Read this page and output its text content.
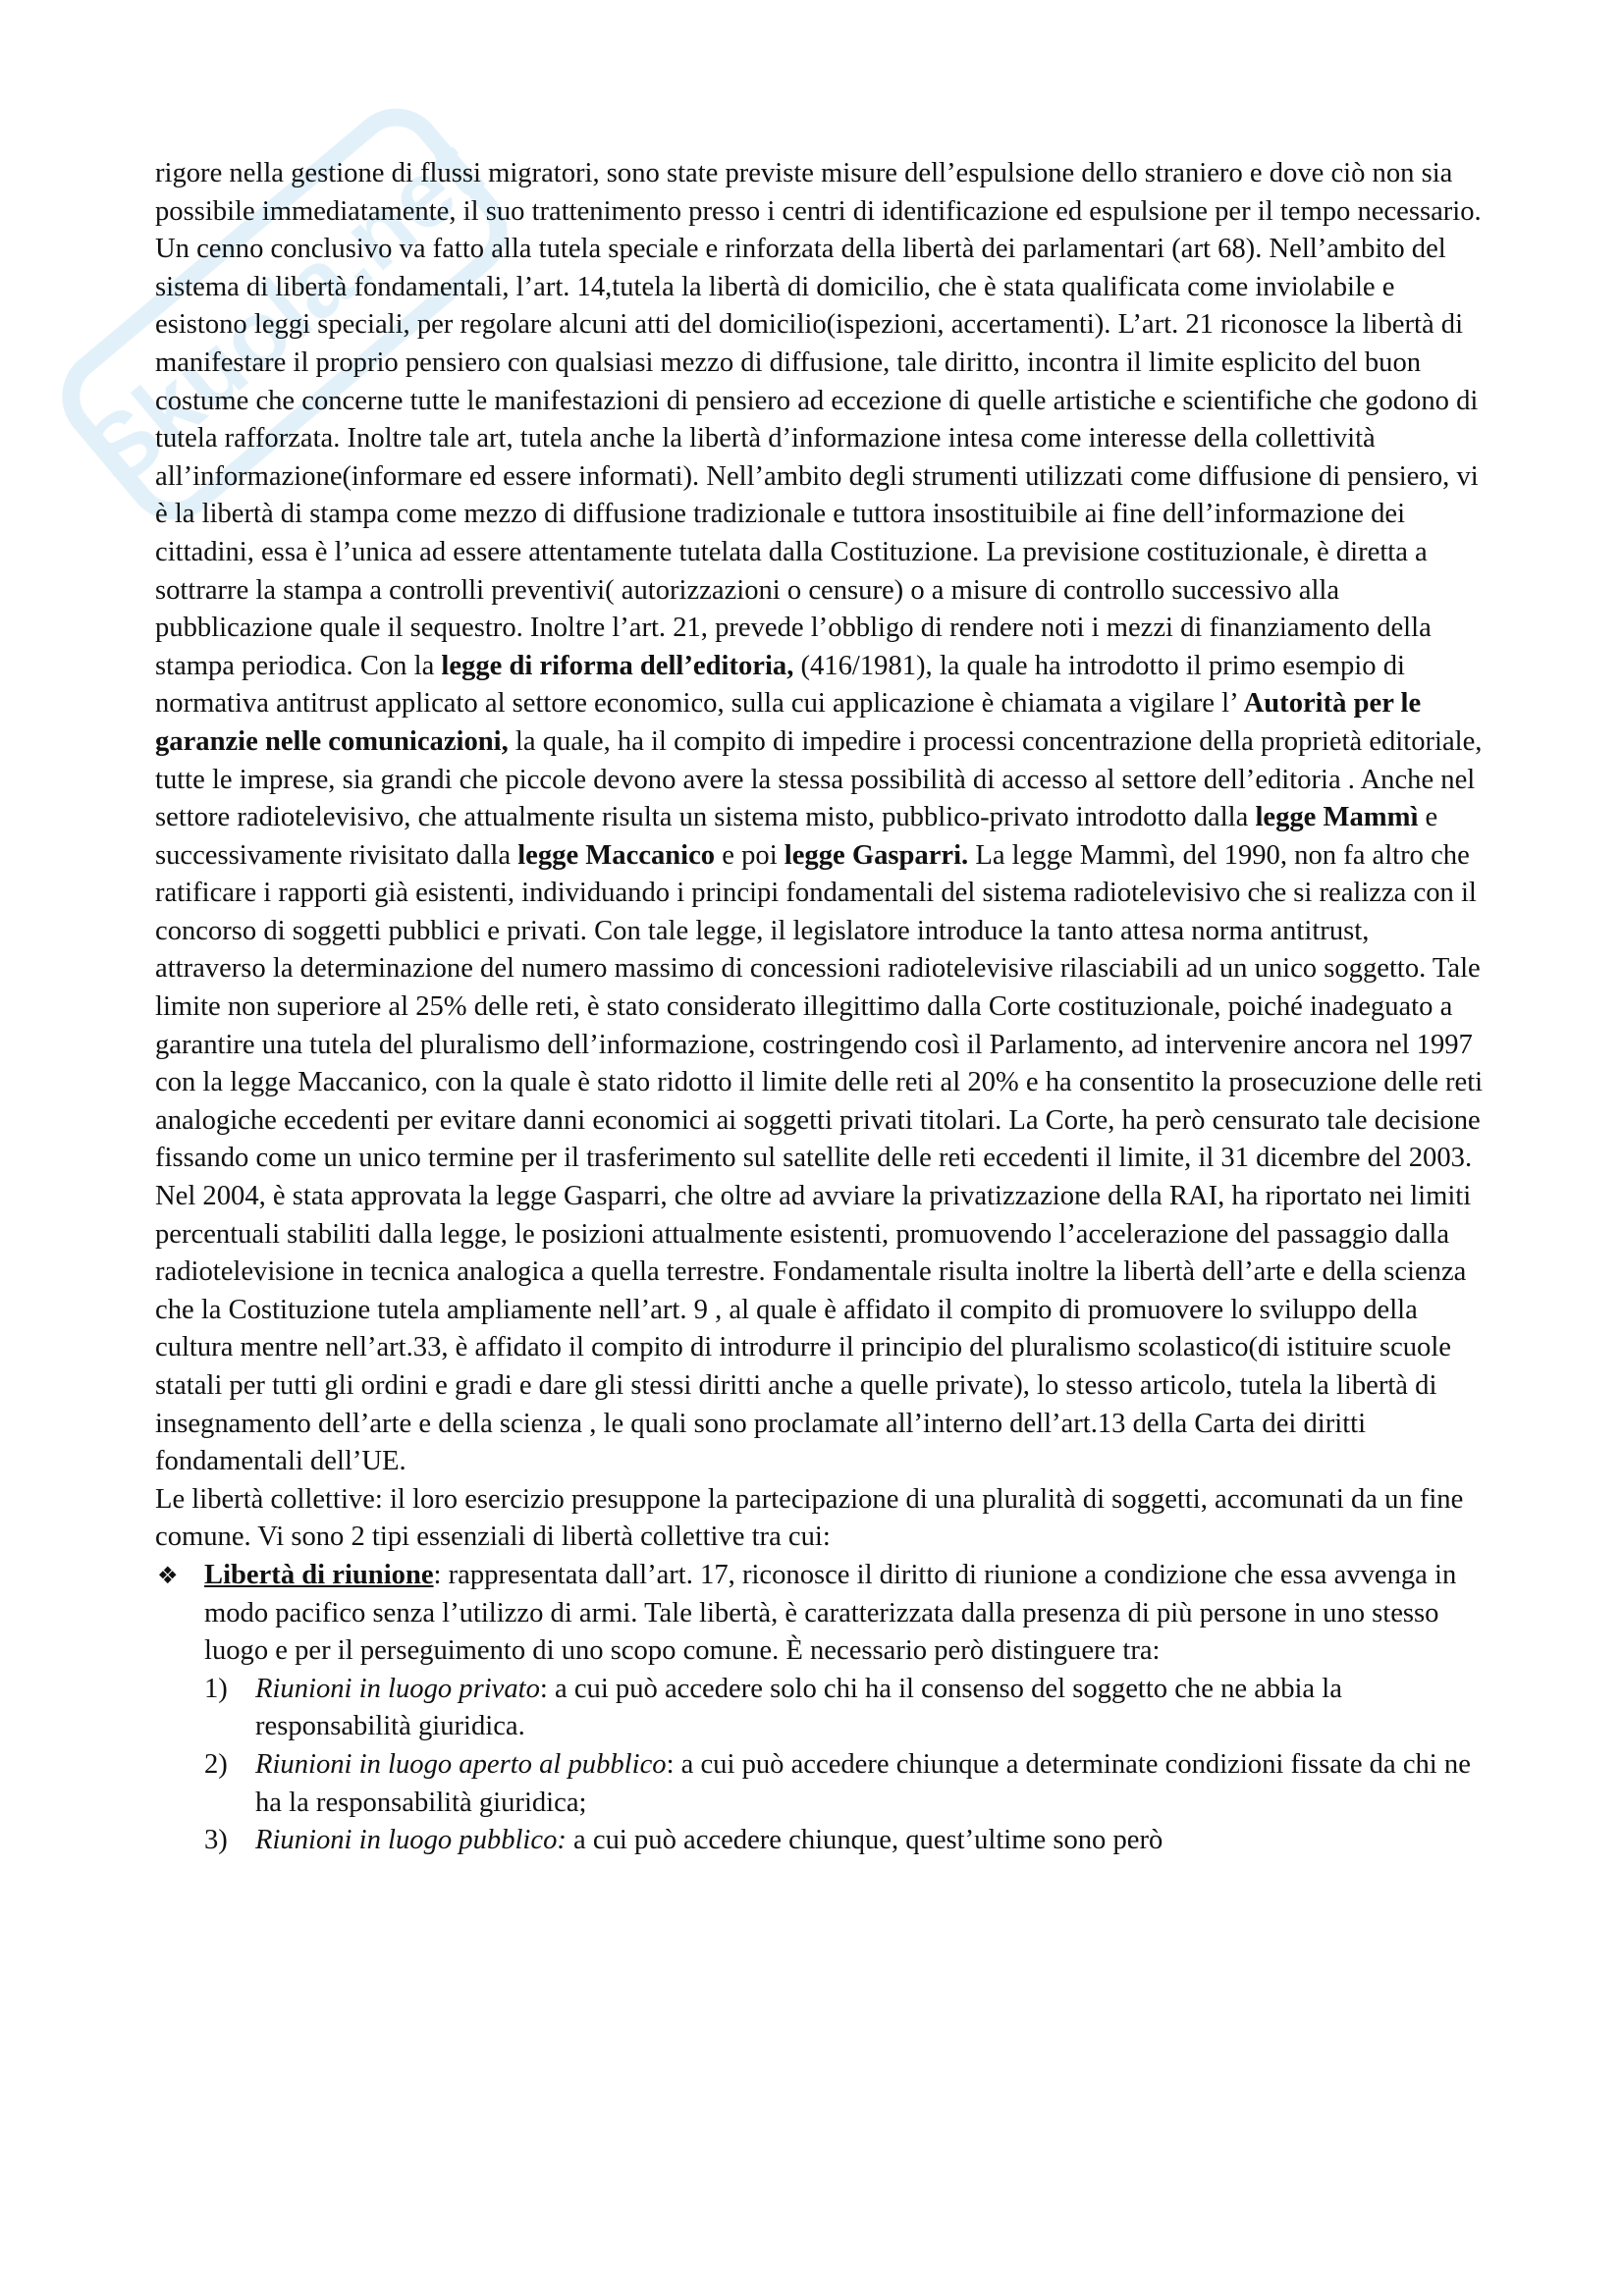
Skuola.net

rigore nella gestione di flussi migratori, sono state previste misure dell’espulsione dello straniero e dove ciò non sia possibile immediatamente, il suo trattenimento presso i centri di identificazione ed espulsione per il tempo necessario. Un cenno conclusivo va fatto alla tutela speciale e rinforzata della libertà dei parlamentari (art 68). Nell’ambito del sistema di libertà fondamentali, l’art. 14,tutela la libertà di domicilio, che è stata qualificata come inviolabile e esistono leggi speciali, per regolare alcuni atti del domicilio(ispezioni, accertamenti). L’art. 21 riconosce la libertà di manifestare il proprio pensiero con qualsiasi mezzo di diffusione, tale diritto, incontra il limite esplicito del buon costume che concerne tutte le manifestazioni di pensiero ad eccezione di quelle artistiche e scientifiche che godono di tutela rafforzata. Inoltre tale art, tutela anche la libertà d’informazione intesa come interesse della collettività all’informazione(informare ed essere informati). Nell’ambito degli strumenti utilizzati come diffusione di pensiero, vi è la libertà di stampa come mezzo di diffusione tradizionale e tuttora insostituibile ai fine dell’informazione dei cittadini, essa è l’unica ad essere attentamente tutelata dalla Costituzione. La previsione costituzionale, è diretta a sottrarre la stampa a controlli preventivi( autorizzazioni o censure) o a misure di controllo successivo alla pubblicazione quale il sequestro. Inoltre l’art. 21, prevede l’obbligo di rendere noti i mezzi di finanziamento della stampa periodica. Con la legge di riforma dell’editoria, (416/1981), la quale ha introdotto il primo esempio di normativa antitrust applicato al settore economico, sulla cui applicazione è chiamata a vigilare l’ Autorità per le garanzie nelle comunicazioni, la quale, ha il compito di impedire i processi concentrazione della proprietà editoriale, tutte le imprese, sia grandi che piccole devono avere la stessa possibilità di accesso al settore dell’editoria . Anche nel settore radiotelevisivo, che attualmente risulta un sistema misto, pubblico-privato introdotto dalla legge Mammì e successivamente rivisitato dalla legge Maccanico e poi legge Gasparri. La legge Mammì, del 1990, non fa altro che ratificare i rapporti già esistenti, individuando i principi fondamentali del sistema radiotelevisivo che si realizza con il concorso di soggetti pubblici e privati. Con tale legge, il legislatore introduce la tanto attesa norma antitrust, attraverso la determinazione del numero massimo di concessioni radiotelevisive rilasciabili ad un unico soggetto. Tale limite non superiore al 25% delle reti, è stato considerato illegittimo dalla Corte costituzionale, poiché inadeguato a garantire una tutela del pluralismo dell’informazione, costringendo così il Parlamento, ad intervenire ancora nel 1997 con la legge Maccanico, con la quale è stato ridotto il limite delle reti al 20% e ha consentito la prosecuzione delle reti analogiche eccedenti per evitare danni economici ai soggetti privati titolari. La Corte, ha però censurato tale decisione fissando come un unico termine per il trasferimento sul satellite delle reti eccedenti il limite, il 31 dicembre del 2003. Nel 2004, è stata approvata la legge Gasparri, che oltre ad avviare la privatizzazione della RAI, ha riportato nei limiti percentuali stabiliti dalla legge, le posizioni attualmente esistenti, promuovendo l’accelerazione del passaggio dalla radiotelevisione in tecnica analogica a quella terrestre. Fondamentale risulta inoltre la libertà dell’arte e della scienza che la Costituzione tutela ampliamente nell’art. 9 , al quale è affidato il compito di promuovere lo sviluppo della cultura mentre nell’art.33, è affidato il compito di introdurre il principio del pluralismo scolastico(di istituire scuole statali per tutti gli ordini e gradi e dare gli stessi diritti anche a quelle private), lo stesso articolo, tutela la libertà di insegnamento dell’arte e della scienza , le quali sono proclamate all’interno dell’art.13 della Carta dei diritti fondamentali dell’UE.

Le libertà collettive: il loro esercizio presuppone la partecipazione di una pluralità di soggetti, accomunati da un fine comune. Vi sono 2 tipi essenziali di libertà collettive tra cui:

❖ Libertà di riunione: rappresentata dall’art. 17, riconosce il diritto di riunione a condizione che essa avvenga in modo pacifico senza l’utilizzo di armi. Tale libertà, è caratterizzata dalla presenza di più persone in uno stesso luogo e per il perseguimento di uno scopo comune. È necessario però distinguere tra:
1) Riunioni in luogo privato: a cui può accedere solo chi ha il consenso del soggetto che ne abbia la responsabilità giuridica.
2) Riunioni in luogo aperto al pubblico: a cui può accedere chiunque a determinate condizioni fissate da chi ne ha la responsabilità giuridica;
3) Riunioni in luogo pubblico: a cui può accedere chiunque, quest’ultime sono però
